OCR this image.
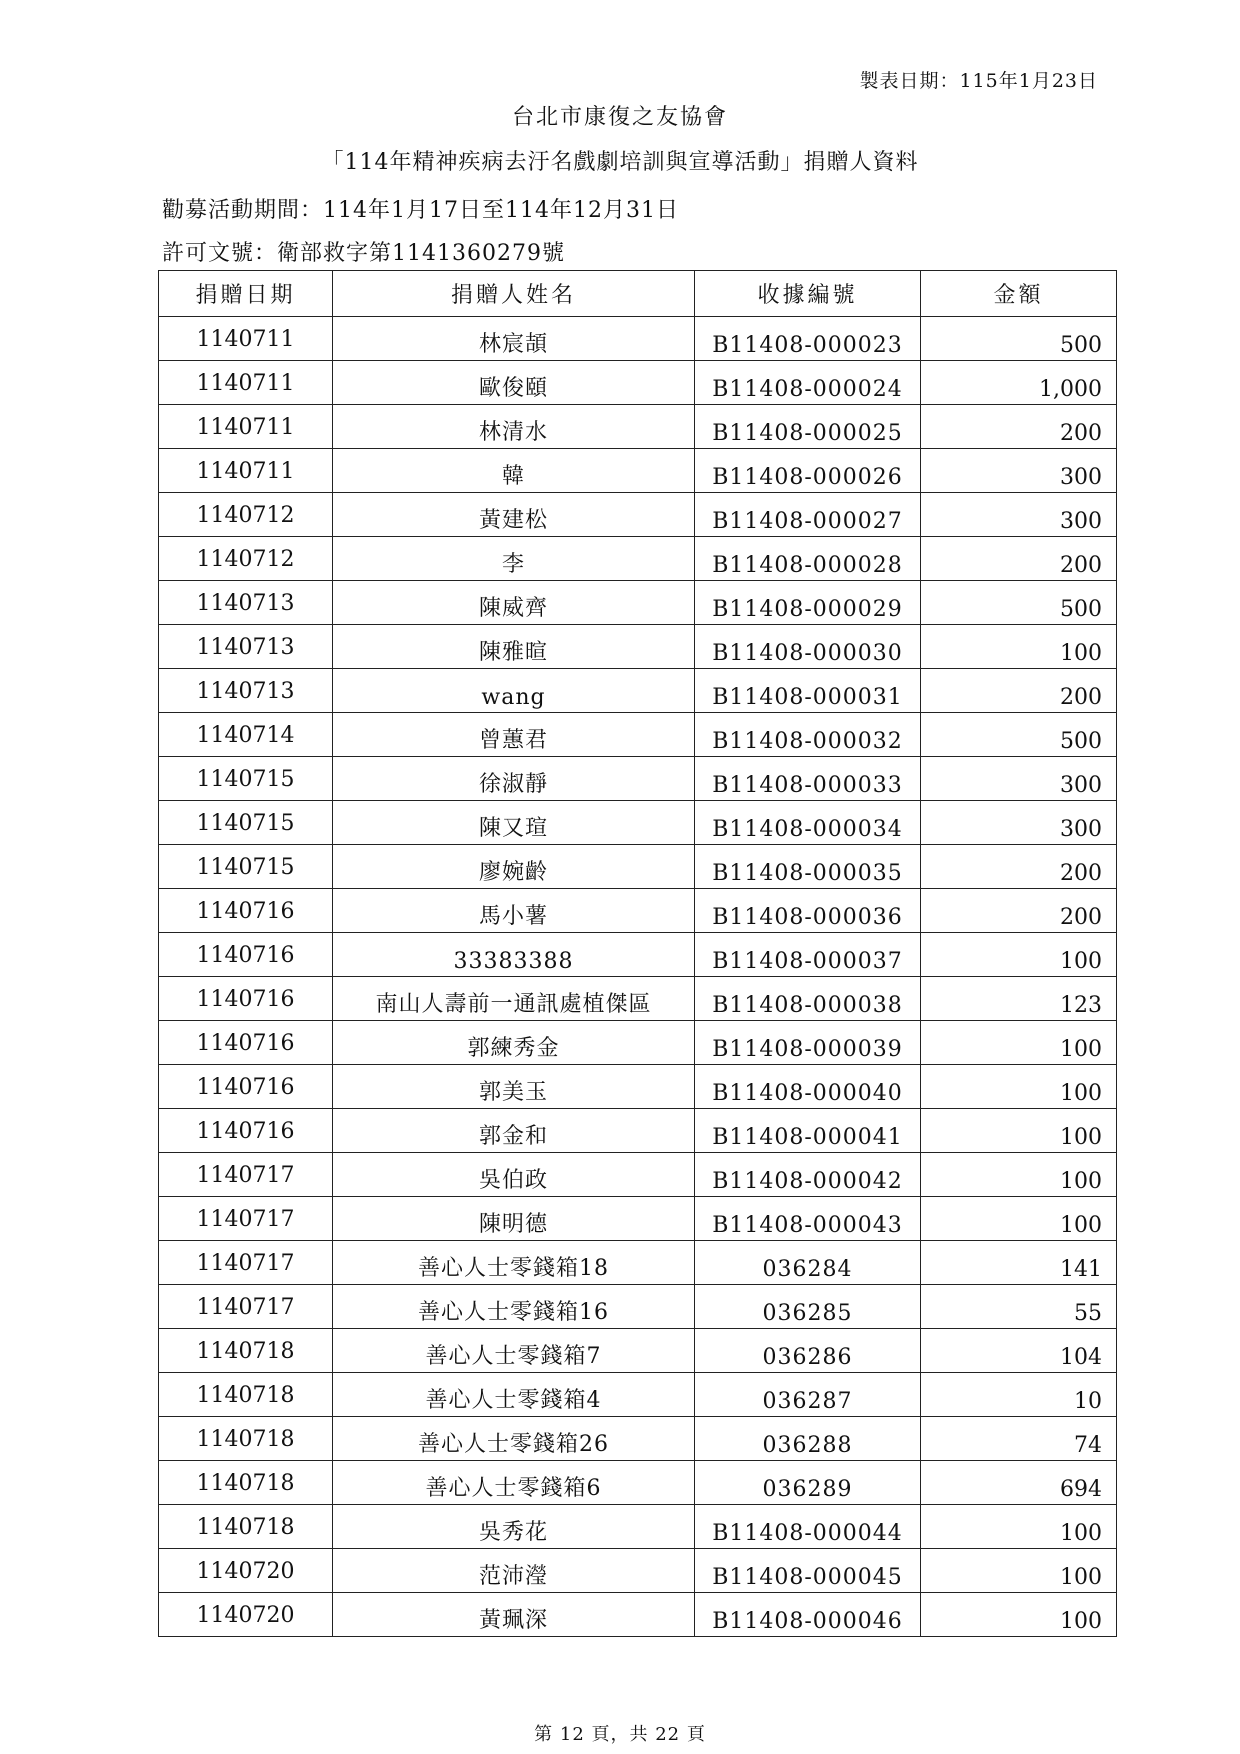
製表日期：115年1月23日
台北市康復之友協會
「114年精神疾病去汙名戲劇培訓與宣導活動」捐贈人資料
勸募活動期間：114年1月17日至114年12月31日
許可文號：衛部救字第1141360279號
捐贈日期	捐贈人姓名	收據編號	金額
1140711	林宸頡	B11408-000023	500
1140711	歐俊頤	B11408-000024	1,000
1140711	林清水	B11408-000025	200
1140711	韓	B11408-000026	300
1140712	黃建松	B11408-000027	300
1140712	李	B11408-000028	200
1140713	陳威齊	B11408-000029	500
1140713	陳雅暄	B11408-000030	100
1140713	wang	B11408-000031	200
1140714	曾蕙君	B11408-000032	500
1140715	徐淑靜	B11408-000033	300
1140715	陳又瑄	B11408-000034	300
1140715	廖婉齡	B11408-000035	200
1140716	馬小薯	B11408-000036	200
1140716	33383388	B11408-000037	100
1140716	南山人壽前一通訊處植傑區	B11408-000038	123
1140716	郭練秀金	B11408-000039	100
1140716	郭美玉	B11408-000040	100
1140716	郭金和	B11408-000041	100
1140717	吳伯政	B11408-000042	100
1140717	陳明德	B11408-000043	100
1140717	善心人士零錢箱18	036284	141
1140717	善心人士零錢箱16	036285	55
1140718	善心人士零錢箱7	036286	104
1140718	善心人士零錢箱4	036287	10
1140718	善心人士零錢箱26	036288	74
1140718	善心人士零錢箱6	036289	694
1140718	吳秀花	B11408-000044	100
1140720	范沛瀅	B11408-000045	100
1140720	黃珮深	B11408-000046	100
第 12 頁，共 22 頁
